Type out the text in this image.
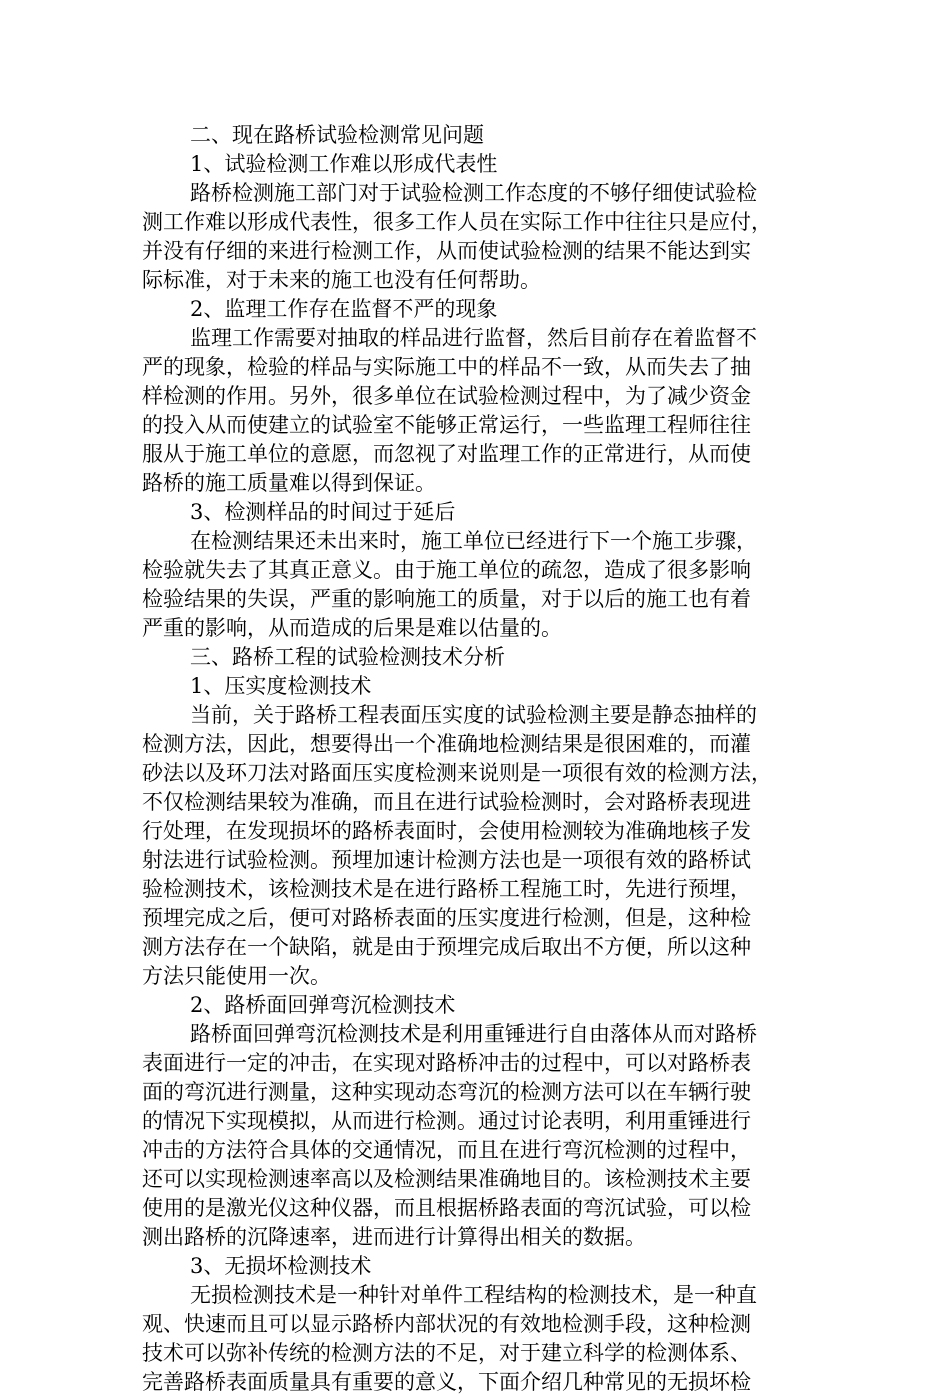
二、现在路桥试验检测常见问题
1、试验检测工作难以形成代表性
路桥检测施工部门对于试验检测工作态度的不够仔细使试验检
测工作难以形成代表性，很多工作人员在实际工作中往往只是应付，
并没有仔细的来进行检测工作，从而使试验检测的结果不能达到实
际标准，对于未来的施工也没有任何帮助。
2、监理工作存在监督不严的现象
监理工作需要对抽取的样品进行监督，然后目前存在着监督不
严的现象，检验的样品与实际施工中的样品不一致，从而失去了抽
样检测的作用。另外，很多单位在试验检测过程中，为了减少资金
的投入从而使建立的试验室不能够正常运行，一些监理工程师往往
服从于施工单位的意愿，而忽视了对监理工作的正常进行，从而使
路桥的施工质量难以得到保证。
3、检测样品的时间过于延后
在检测结果还未出来时，施工单位已经进行下一个施工步骤，
检验就失去了其真正意义。由于施工单位的疏忽，造成了很多影响
检验结果的失误，严重的影响施工的质量，对于以后的施工也有着
严重的影响，从而造成的后果是难以估量的。
三、路桥工程的试验检测技术分析
1、压实度检测技术
当前，关于路桥工程表面压实度的试验检测主要是静态抽样的
检测方法，因此，想要得出一个准确地检测结果是很困难的，而灌
砂法以及环刀法对路面压实度检测来说则是一项很有效的检测方法，
不仅检测结果较为准确，而且在进行试验检测时，会对路桥表现进
行处理，在发现损坏的路桥表面时，会使用检测较为准确地核子发
射法进行试验检测。预埋加速计检测方法也是一项很有效的路桥试
验检测技术，该检测技术是在进行路桥工程施工时，先进行预埋，
预埋完成之后，便可对路桥表面的压实度进行检测，但是，这种检
测方法存在一个缺陷，就是由于预埋完成后取出不方便，所以这种
方法只能使用一次。
2、路桥面回弹弯沉检测技术
路桥面回弹弯沉检测技术是利用重锤进行自由落体从而对路桥
表面进行一定的冲击，在实现对路桥冲击的过程中，可以对路桥表
面的弯沉进行测量，这种实现动态弯沉的检测方法可以在车辆行驶
的情况下实现模拟，从而进行检测。通过讨论表明，利用重锤进行
冲击的方法符合具体的交通情况，而且在进行弯沉检测的过程中，
还可以实现检测速率高以及检测结果准确地目的。该检测技术主要
使用的是激光仪这种仪器，而且根据桥路表面的弯沉试验，可以检
测出路桥的沉降速率，进而进行计算得出相关的数据。
3、无损坏检测技术
无损检测技术是一种针对单件工程结构的检测技术，是一种直
观、快速而且可以显示路桥内部状况的有效地检测手段，这种检测
技术可以弥补传统的检测方法的不足，对于建立科学的检测体系、
完善路桥表面质量具有重要的意义，下面介绍几种常见的无损坏检
